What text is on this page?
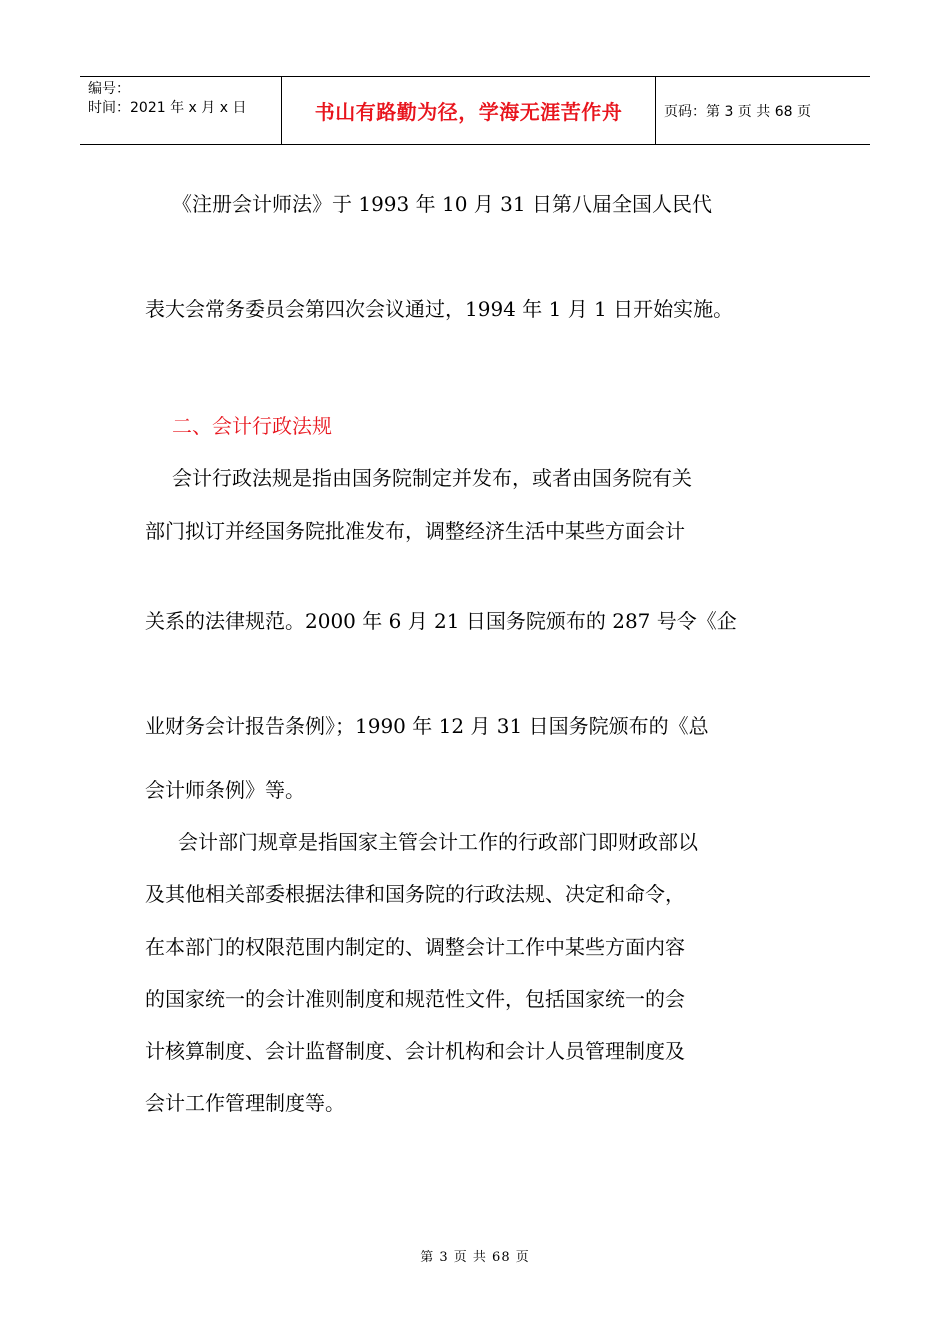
编号：
时间：2021 年 x 月 x 日	书山有路勤为径，学海无涯苦作舟	页码：第 3 页 共 68 页
《注册会计师法》于 1993 年 10 月 31 日第八届全国人民代
表大会常务委员会第四次会议通过，1994 年 1 月 1 日开始实施。
二、会计行政法规
会计行政法规是指由国务院制定并发布，或者由国务院有关
部门拟订并经国务院批准发布，调整经济生活中某些方面会计
关系的法律规范。2000 年 6 月 21 日国务院颁布的 287 号令《企
业财务会计报告条例》；1990 年 12 月 31 日国务院颁布的《总
会计师条例》等。
会计部门规章是指国家主管会计工作的行政部门即财政部以
及其他相关部委根据法律和国务院的行政法规、决定和命令，
在本部门的权限范围内制定的、调整会计工作中某些方面内容
的国家统一的会计准则制度和规范性文件，包括国家统一的会
计核算制度、会计监督制度、会计机构和会计人员管理制度及
会计工作管理制度等。
第 3 页 共 68 页
